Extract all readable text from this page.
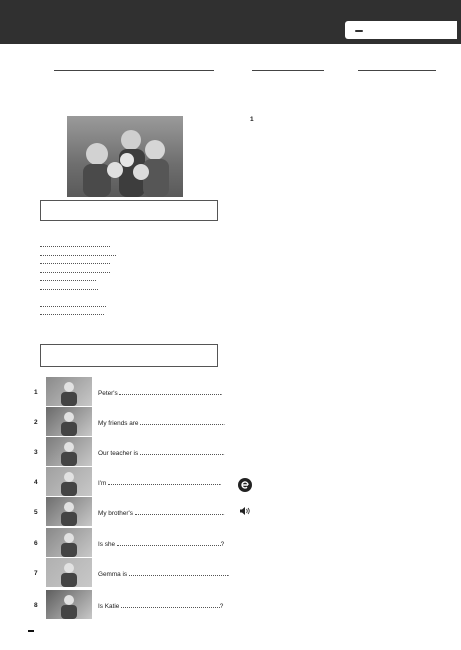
1	Peter's	.
2	My friends are	.
3	Our teacher is	.
4	I'm	.
5	My brother's	.
6	Is she	?
7	Gemma is	.
8	Is Katie	?
1
